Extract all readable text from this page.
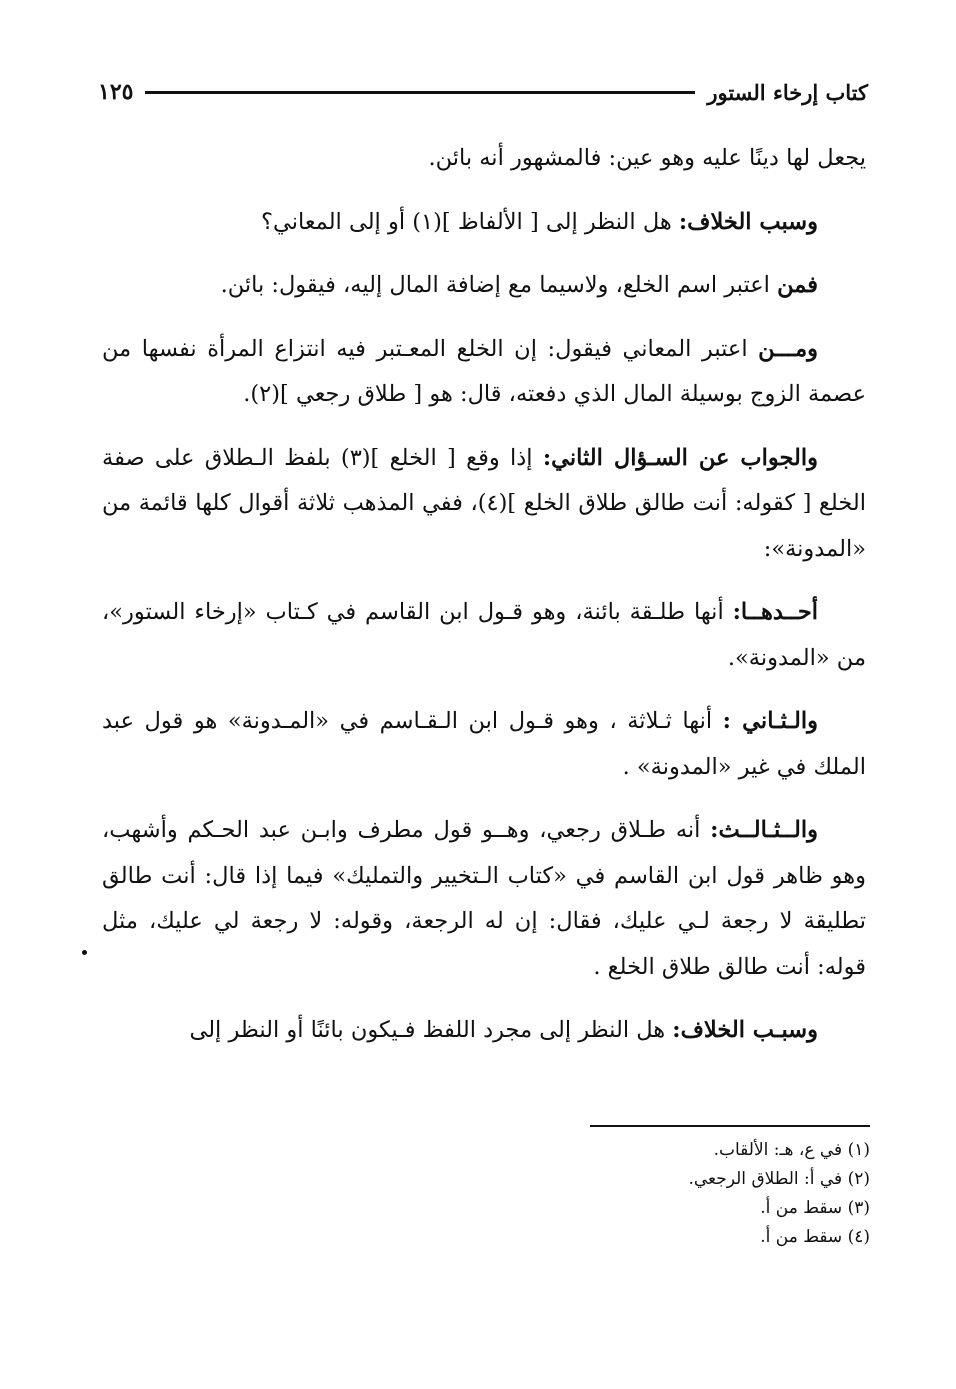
كتاب إرخاء الستور
١٢٥

يجعل لها دينًا عليه وهو عين: فالمشهور أنه بائن.

وسبب الخلاف: هل النظر إلى [ الألفاظ ](١) أو إلى المعاني؟

فمن اعتبر اسم الخلع، ولاسيما مع إضافة المال إليه، فيقول: بائن.

ومـــن اعتبر المعاني فيقول: إن الخلع المعـتبر فيه انتزاع المرأة نفسها من عصمة الزوج بوسيلة المال الذي دفعته، قال: هو [ طلاق رجعي ](٢).

والجواب عن السـؤال الثاني: إذا وقع [ الخلع ](٣) بلفظ الـطلاق على صفة الخلع [ كقوله: أنت طالق طلاق الخلع ](٤)، ففي المذهب ثلاثة أقوال كلها قائمة من «المدونة»:

أحــدهــا: أنها طلـقة بائنة، وهو قـول ابن القاسم في كـتاب «إرخاء الستور»، من «المدونة».

والـثـاني : أنها ثـلاثة ، وهو قـول ابن الـقـاسم في «المـدونة» هو قول عبد الملك في غير «المدونة» .

والــثـالــث: أنه طـلاق رجعي، وهــو قول مطرف وابـن عبد الحـكم وأشهب، وهو ظاهر قول ابن القاسم في «كتاب الـتخيير والتمليك» فيما إذا قال: أنت طالق تطليقة لا رجعة لـي عليك، فقال: إن له الرجعة، وقوله: لا رجعة لي عليك، مثل قوله: أنت طالق طلاق الخلع .

وسبـب الخلاف: هل النظر إلى مجرد اللفظ فـيكون بائنًا أو النظر إلى

(١) في ع، هـ: الألقاب.
(٢) في أ: الطلاق الرجعي.
(٣) سقط من أ.
(٤) سقط من أ.
